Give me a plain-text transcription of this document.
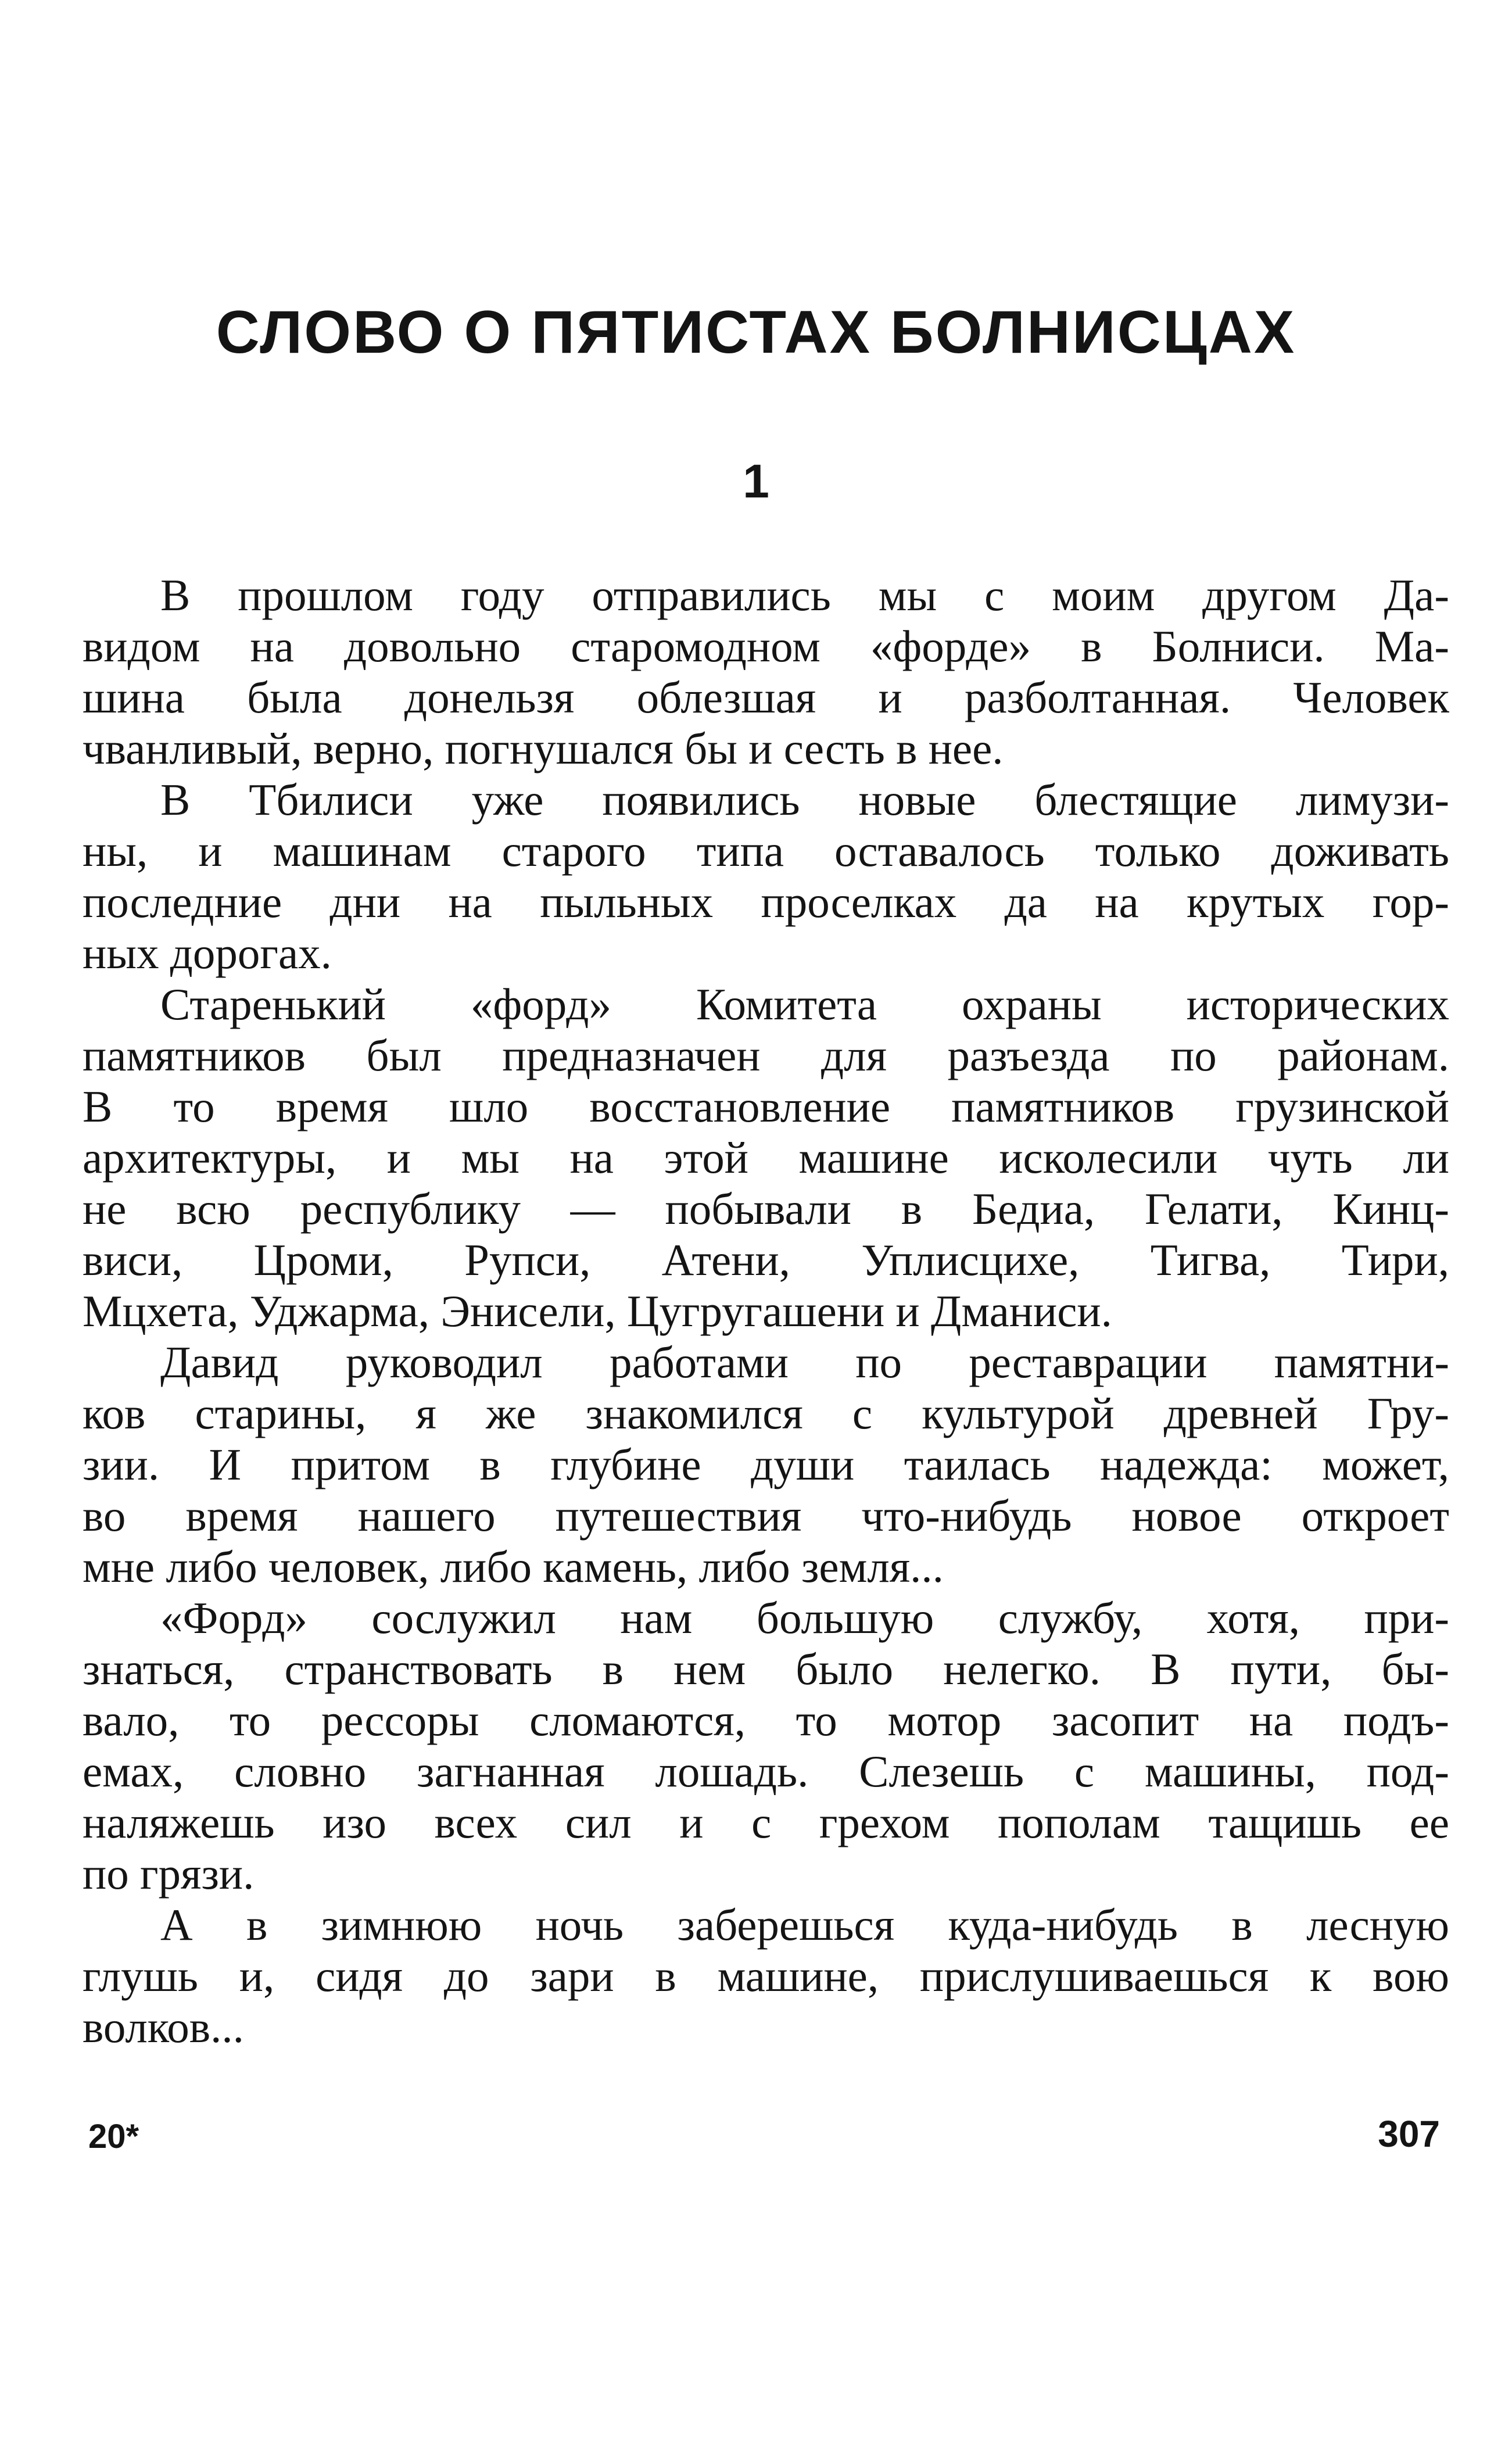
СЛОВО О ПЯТИСТАХ БОЛНИСЦАХ
1

В прошлом году отправились мы с моим другом Да-
видом на довольно старомодном «форде» в Болниси. Ма-
шина была донельзя облезшая и разболтанная. Человек
чванливый, верно, погнушался бы и сесть в нее.

В Тбилиси уже появились новые блестящие лимузи-
ны, и машинам старого типа оставалось только доживать
последние дни на пыльных проселках да на крутых гор-
ных дорогах.

Старенький «форд» Комитета охраны исторических
памятников был предназначен для разъезда по районам.
В то время шло восстановление памятников грузинской
архитектуры, и мы на этой машине исколесили чуть ли
не всю республику — побывали в Бедиа, Гелати, Кинц-
виси, Цроми, Рупси, Атени, Уплисцихе, Тигва, Тири,
Мцхета, Уджарма, Энисели, Цугругашени и Дманиси.

Давид руководил работами по реставрации памятни-
ков старины, я же знакомился с культурой древней Гру-
зии. И притом в глубине души таилась надежда: может,
во время нашего путешествия что-нибудь новое откроет
мне либо человек, либо камень, либо земля...

«Форд» сослужил нам большую службу, хотя, при-
знаться, странствовать в нем было нелегко. В пути, бы-
вало, то рессоры сломаются, то мотор засопит на подъ-
емах, словно загнанная лошадь. Слезешь с машины, под-
наляжешь изо всех сил и с грехом пополам тащишь ее
по грязи.

А в зимнюю ночь заберешься куда-нибудь в лесную
глушь и, сидя до зари в машине, прислушиваешься к вою
волков...

20*	307
